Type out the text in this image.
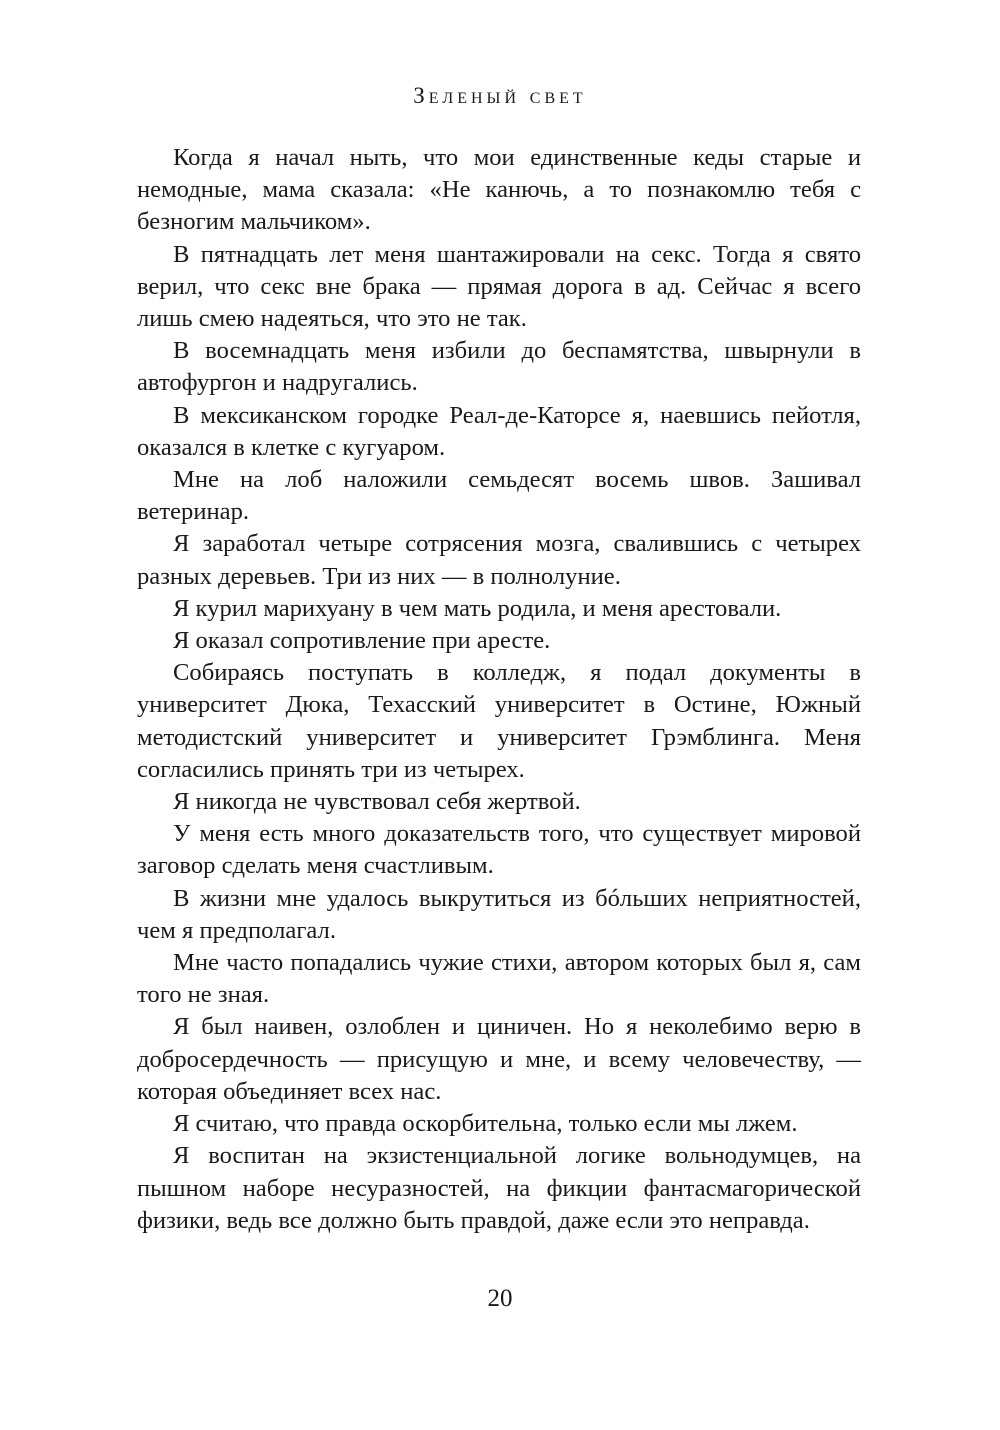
Зеленый свет

Когда я начал ныть, что мои единственные кеды старые и немодные, мама сказала: «Не канючь, а то познакомлю тебя с безногим мальчиком».

В пятнадцать лет меня шантажировали на секс. Тогда я свято верил, что секс вне брака — прямая дорога в ад. Сейчас я всего лишь смею надеяться, что это не так.

В восемнадцать меня избили до беспамятства, швырнули в автофургон и надругались.

В мексиканском городке Реал-де-Каторсе я, наевшись пейотля, оказался в клетке с кугуаром.

Мне на лоб наложили семьдесят восемь швов. Зашивал ветеринар.

Я заработал четыре сотрясения мозга, свалившись с четырех разных деревьев. Три из них — в полнолуние.

Я курил марихуану в чем мать родила, и меня арестовали.

Я оказал сопротивление при аресте.

Собираясь поступать в колледж, я подал документы в университет Дюка, Техасский университет в Остине, Южный методистский университет и университет Грэмблинга. Меня согласились принять три из четырех.

Я никогда не чувствовал себя жертвой.

У меня есть много доказательств того, что существует мировой заговор сделать меня счастливым.

В жизни мне удалось выкрутиться из бóльших неприятностей, чем я предполагал.

Мне часто попадались чужие стихи, автором которых был я, сам того не зная.

Я был наивен, озлоблен и циничен. Но я неколебимо верю в добросердечность — присущую и мне, и всему человечеству, — которая объединяет всех нас.

Я считаю, что правда оскорбительна, только если мы лжем.

Я воспитан на экзистенциальной логике вольнодумцев, на пышном наборе несуразностей, на фикции фантасмагорической физики, ведь все должно быть правдой, даже если это неправда.

20
